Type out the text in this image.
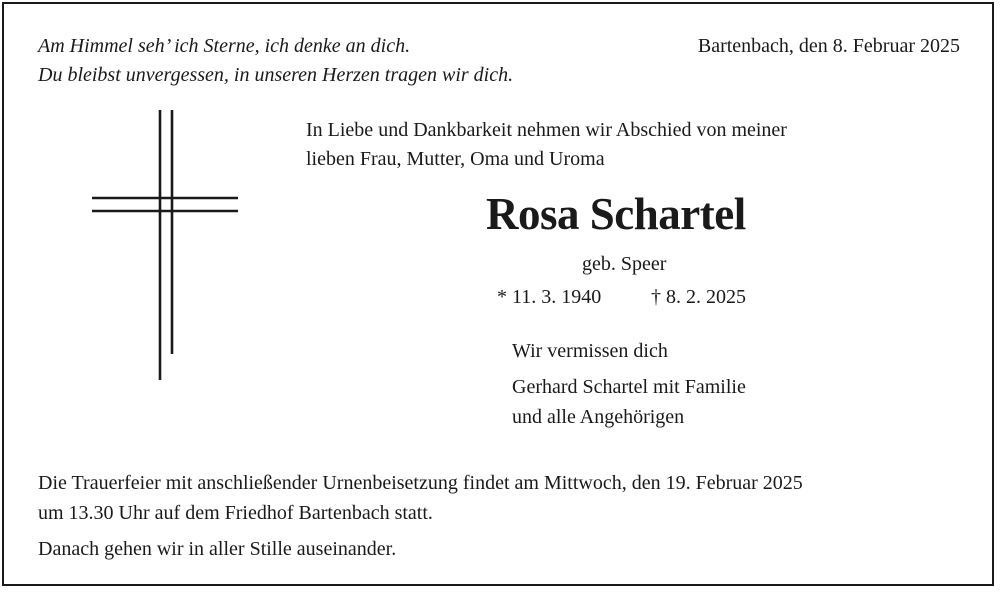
Am Himmel seh’ ich Sterne, ich denke an dich.
Du bleibst unvergessen, in unseren Herzen tragen wir dich.
Bartenbach, den 8. Februar 2025
In Liebe und Dankbarkeit nehmen wir Abschied von meiner
lieben Frau, Mutter, Oma und Uroma
Rosa Schartel
geb. Speer
* 11. 3. 1940 † 8. 2. 2025
Wir vermissen dich
Gerhard Schartel mit Familie
und alle Angehörigen
Die Trauerfeier mit anschließender Urnenbeisetzung findet am Mittwoch, den 19. Februar 2025
um 13.30 Uhr auf dem Friedhof Bartenbach statt.
Danach gehen wir in aller Stille auseinander.
